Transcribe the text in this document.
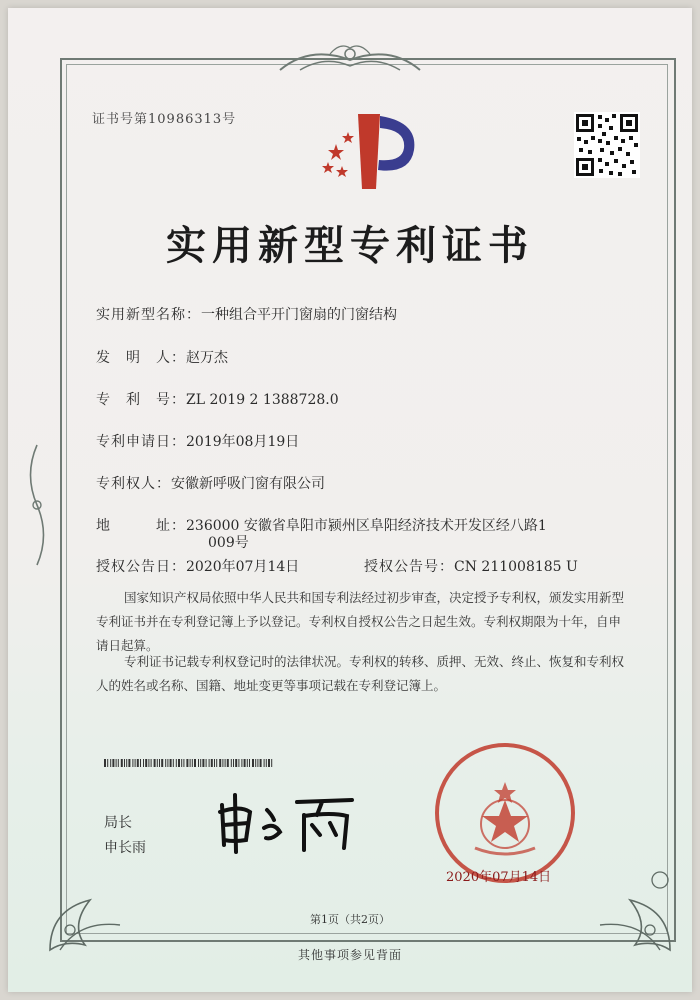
证书号第10986313号
实用新型专利证书
实用新型名称：一种组合平开门窗扇的门窗结构
发　明　人：赵万杰
专　利　号：ZL 2019 2 1388728.0
专利申请日：2019年08月19日
专利权人：安徽新呼吸门窗有限公司
地　　　址：236000 安徽省阜阳市颍州区阜阳经济技术开发区经八路1
009号
授权公告日：2020年07月14日	授权公告号：CN 211008185 U
国家知识产权局依照中华人民共和国专利法经过初步审查，决定授予专利权，颁发实用新型专利证书并在专利登记簿上予以登记。专利权自授权公告之日起生效。专利权期限为十年，自申请日起算。
专利证书记载专利权登记时的法律状况。专利权的转移、质押、无效、终止、恢复和专利权人的姓名或名称、国籍、地址变更等事项记载在专利登记簿上。
局长
申长雨
2020年07月14日
第1页（共2页）
其他事项参见背面
